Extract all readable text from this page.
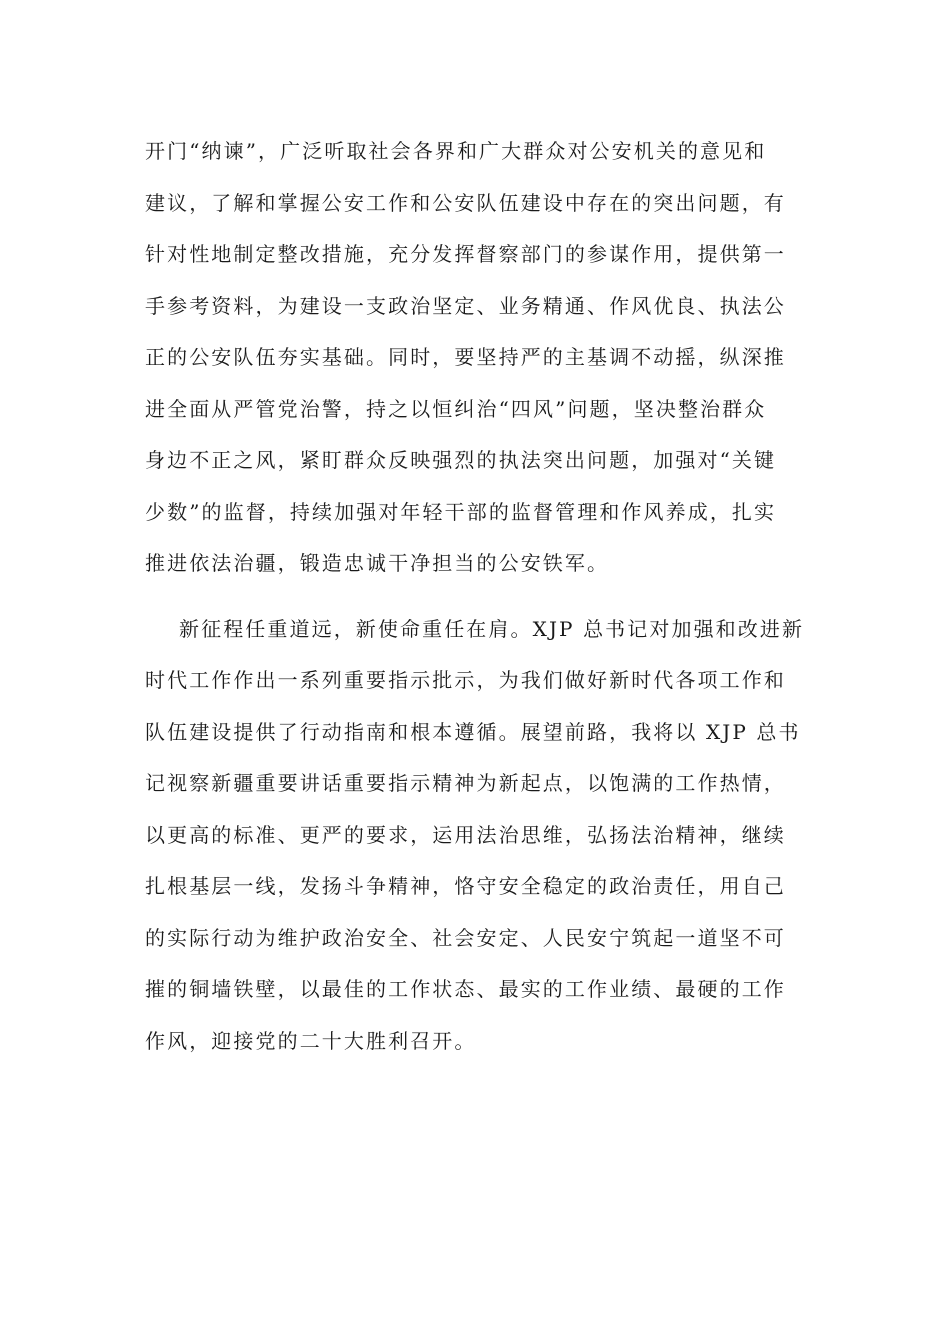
开门“纳谏”，广泛听取社会各界和广大群众对公安机关的意见和
建议，了解和掌握公安工作和公安队伍建设中存在的突出问题，有
针对性地制定整改措施，充分发挥督察部门的参谋作用，提供第一
手参考资料，为建设一支政治坚定、业务精通、作风优良、执法公
正的公安队伍夯实基础。同时，要坚持严的主基调不动摇，纵深推
进全面从严管党治警，持之以恒纠治“四风”问题，坚决整治群众
身边不正之风，紧盯群众反映强烈的执法突出问题，加强对“关键
少数”的监督，持续加强对年轻干部的监督管理和作风养成，扎实
推进依法治疆，锻造忠诚干净担当的公安铁军。
新征程任重道远，新使命重任在肩。XJP 总书记对加强和改进新
时代工作作出一系列重要指示批示，为我们做好新时代各项工作和
队伍建设提供了行动指南和根本遵循。展望前路，我将以 XJP 总书
记视察新疆重要讲话重要指示精神为新起点，以饱满的工作热情，
以更高的标准、更严的要求，运用法治思维，弘扬法治精神，继续
扎根基层一线，发扬斗争精神，恪守安全稳定的政治责任，用自己
的实际行动为维护政治安全、社会安定、人民安宁筑起一道坚不可
摧的铜墙铁壁，以最佳的工作状态、最实的工作业绩、最硬的工作
作风，迎接党的二十大胜利召开。
